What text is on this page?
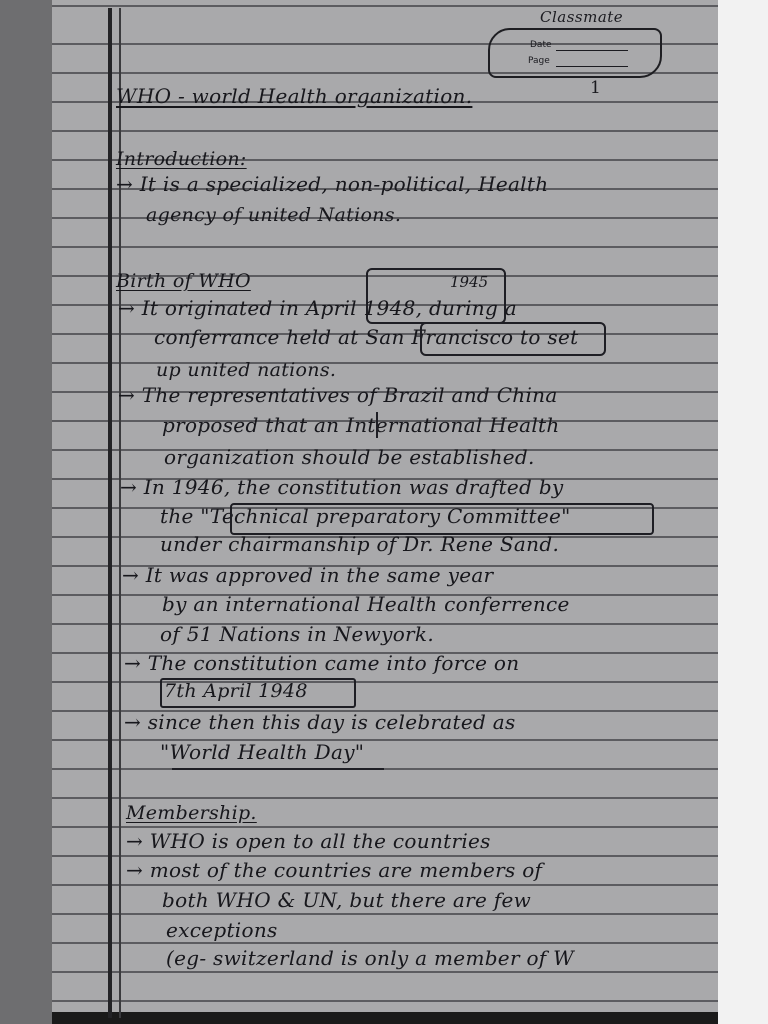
Classmate
Date
Page
1
WHO - world Health organization.
Introduction:
→ It is a specialized, non-political, Health
agency of united Nations.
Birth of WHO	1945
→ It originated in April 1948, during a
conferrance held at San Francisco to set
up united nations.
→ The representatives of Brazil and China
proposed that an International Health
organization should be established.
→ In 1946, the constitution was drafted by
the "Technical preparatory Committee"
under chairmanship of Dr. Rene Sand.
→ It was approved in the same year
by an international Health conferrence
of 51 Nations in Newyork.
→ The constitution came into force on
7th April 1948
→ since then this day is celebrated as
"World Health Day"
Membership.
→ WHO is open to all the countries
→ most of the countries are members of
both WHO & UN, but there are few
exceptions
(eg- switzerland is only a member of W
